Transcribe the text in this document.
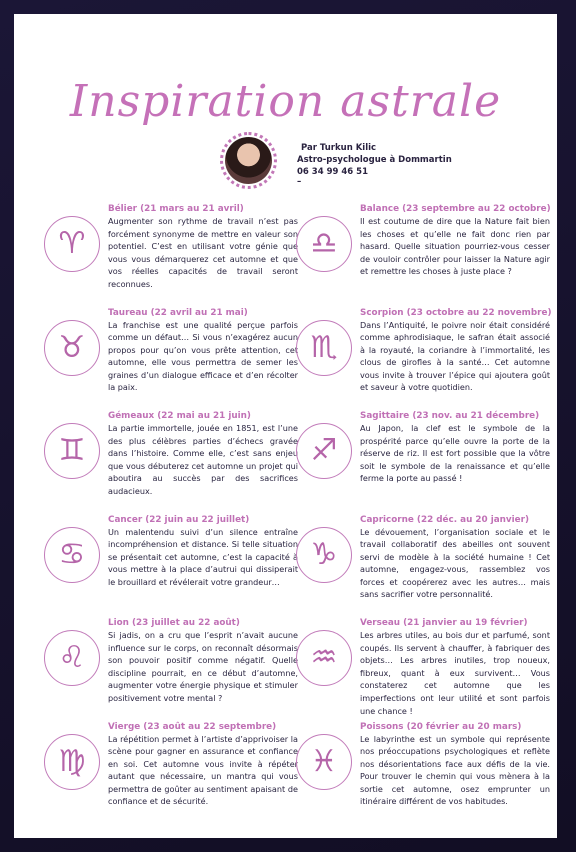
Inspiration astrale
Par Turkun Kilic
Astro-psychologue à Dommartin
06 34 99 46 51
–
♈
Bélier (21 mars au 21 avril)

Augmenter son rythme de travail n’est pas forcément synonyme de mettre en valeur son potentiel. C’est en utilisant votre génie que vous vous démarquerez cet automne et que vos réelles capacités de travail seront reconnues.

♉
Taureau (22 avril au 21 mai)

La franchise est une qualité perçue parfois comme un défaut… Si vous n’exagérez aucun propos pour qu’on vous prête attention, cet automne, elle vous permettra de semer les graines d’un dialogue efficace et d’en récolter la paix.

♊
Gémeaux (22 mai au 21 juin)

La partie immortelle, jouée en 1851, est l’une des plus célèbres parties d’échecs gravée dans l’histoire. Comme elle, c’est sans enjeu que vous débuterez cet automne un projet qui aboutira au succès par des sacrifices audacieux.

♋
Cancer (22 juin au 22 juillet)

Un malentendu suivi d’un silence entraîne incompréhension et distance. Si telle situation se présentait cet automne, c’est la capacité à vous mettre à la place d’autrui qui dissiperait le brouillard et révélerait votre grandeur…

♌
Lion (23 juillet au 22 août)

Si jadis, on a cru que l’esprit n’avait aucune influence sur le corps, on reconnaît désormais son pouvoir positif comme négatif. Quelle discipline pourrait, en ce début d’automne, augmenter votre énergie physique et stimuler positivement votre mental ?

♍
Vierge (23 août au 22 septembre)

La répétition permet à l’artiste d’apprivoiser la scène pour gagner en assurance et confiance en soi. Cet automne vous invite à répéter autant que nécessaire, un mantra qui vous permettra de goûter au sentiment apaisant de confiance et de sécurité.

♎
Balance (23 septembre au 22 octobre)

Il est coutume de dire que la Nature fait bien les choses et qu’elle ne fait donc rien par hasard. Quelle situation pourriez-vous cesser de vouloir contrôler pour laisser la Nature agir et remettre les choses à juste place ?

♏
Scorpion (23 octobre au 22 novembre)

Dans l’Antiquité, le poivre noir était considéré comme aphrodisiaque, le safran était associé à la royauté, la coriandre à l’immortalité, les clous de girofles à la santé… Cet automne vous invite à trouver l’épice qui ajoutera goût et saveur à votre quotidien.

♐
Sagittaire (23 nov. au 21 décembre)

Au Japon, la clef est le symbole de la prospérité parce qu’elle ouvre la porte de la réserve de riz. Il est fort possible que la vôtre soit le symbole de la renaissance et qu’elle ferme la porte au passé !

♑
Capricorne (22 déc. au 20 janvier)

Le dévouement, l’organisation sociale et le travail collaboratif des abeilles ont souvent servi de modèle à la société humaine ! Cet automne, engagez-vous, rassemblez vos forces et coopérerez avec les autres… mais sans sacrifier votre personnalité.

♒
Verseau (21 janvier au 19 février)

Les arbres utiles, au bois dur et parfumé, sont coupés. Ils servent à chauffer, à fabriquer des objets… Les arbres inutiles, trop noueux, fibreux, quant à eux survivent… Vous constaterez cet automne que les imperfections ont leur utilité et sont parfois une chance !

♓
Poissons (20 février au 20 mars)

Le labyrinthe est un symbole qui représente nos préoccupations psychologiques et reflète nos désorientations face aux défis de la vie. Pour trouver le chemin qui vous mènera à la sortie cet automne, osez emprunter un itinéraire différent de vos habitudes.
